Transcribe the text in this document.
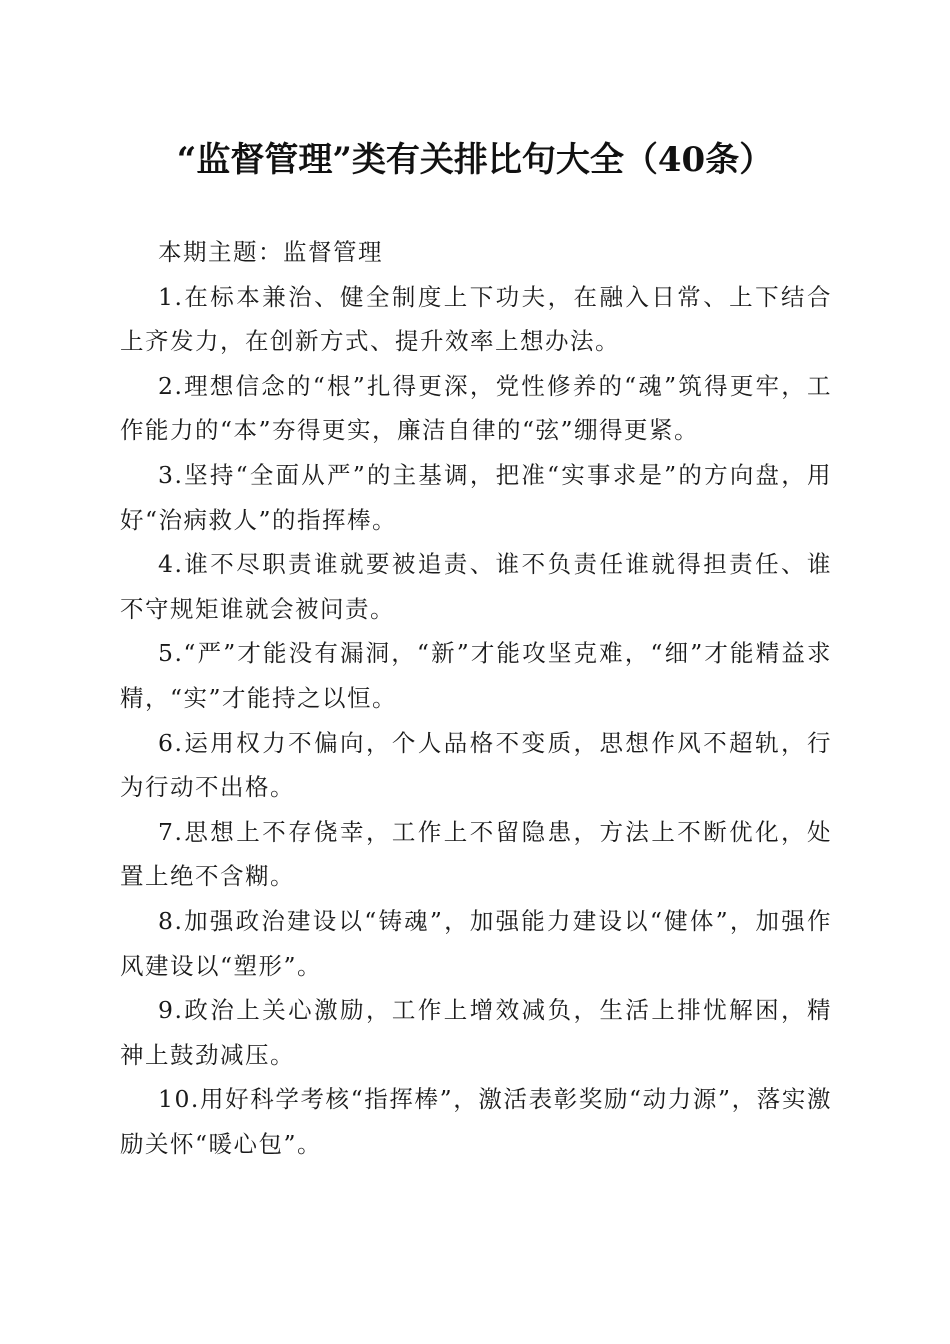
“监督管理”类有关排比句大全（40条）

本期主题：监督管理

1.在标本兼治、健全制度上下功夫，在融入日常、上下结合上齐发力，在创新方式、提升效率上想办法。

2.理想信念的“根”扎得更深，党性修养的“魂”筑得更牢，工作能力的“本”夯得更实，廉洁自律的“弦”绷得更紧。

3.坚持“全面从严”的主基调，把准“实事求是”的方向盘，用好“治病救人”的指挥棒。

4.谁不尽职责谁就要被追责、谁不负责任谁就得担责任、谁不守规矩谁就会被问责。

5.“严”才能没有漏洞，“新”才能攻坚克难，“细”才能精益求精，“实”才能持之以恒。

6.运用权力不偏向，个人品格不变质，思想作风不超轨，行为行动不出格。

7.思想上不存侥幸，工作上不留隐患，方法上不断优化，处置上绝不含糊。

8.加强政治建设以“铸魂”，加强能力建设以“健体”，加强作风建设以“塑形”。

9.政治上关心激励，工作上增效减负，生活上排忧解困，精神上鼓劲减压。

10.用好科学考核“指挥棒”，激活表彰奖励“动力源”，落实激励关怀“暖心包”。
